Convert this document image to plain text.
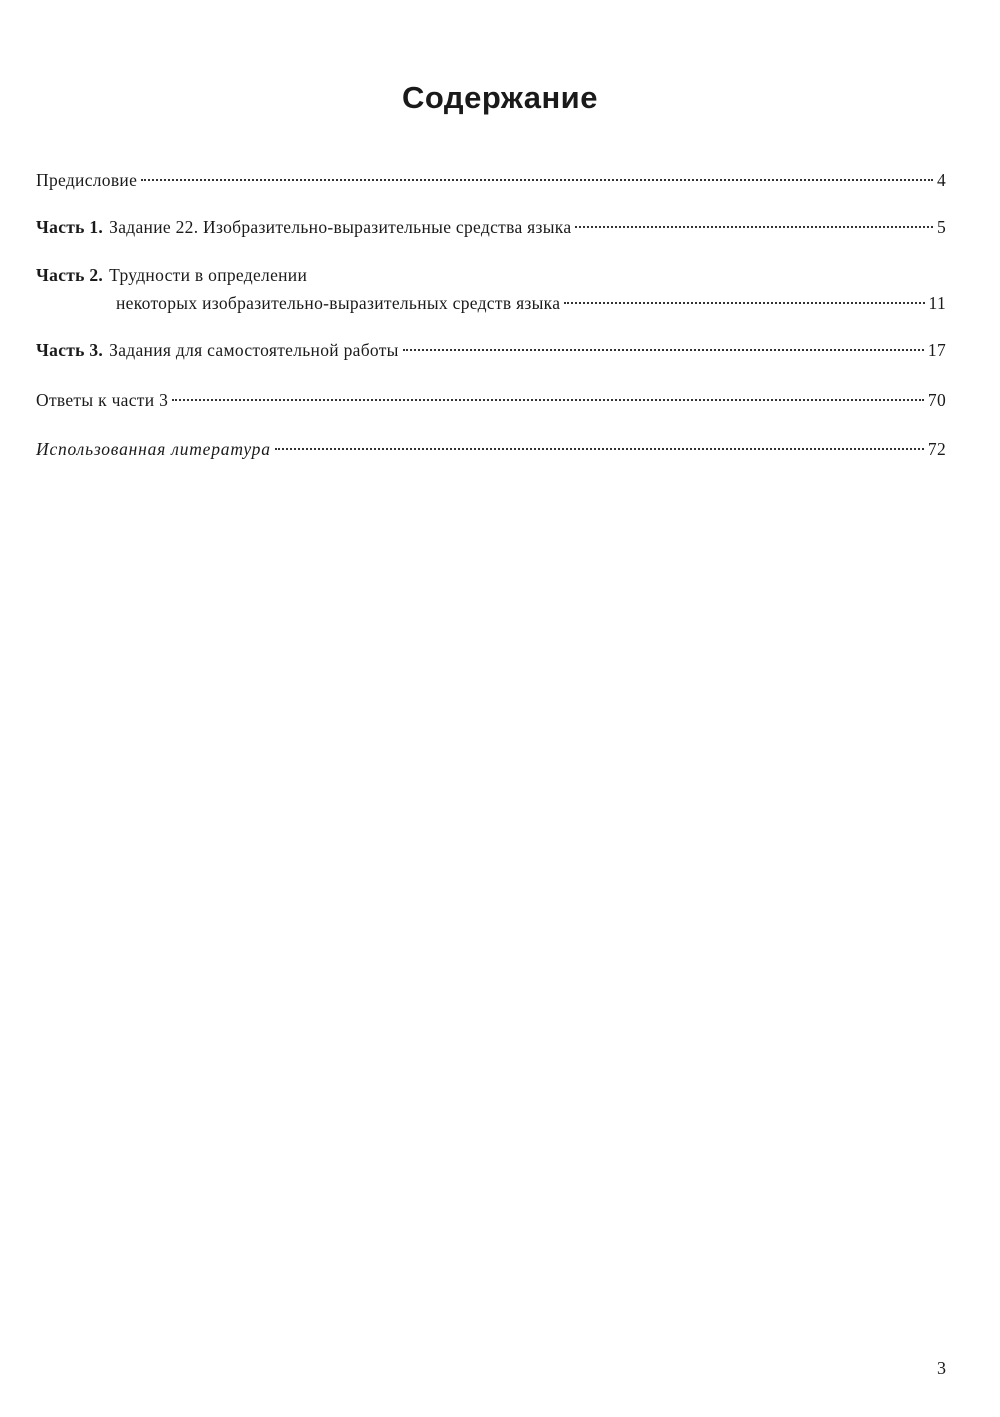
Содержание
Предисловие	4
Часть 1. Задание 22. Изобразительно-выразительные средства языка	5
Часть 2. Трудности в определении
некоторых изобразительно-выразительных средств языка	11
Часть 3. Задания для самостоятельной работы	17
Ответы к части 3	70
Использованная литература	72
3
